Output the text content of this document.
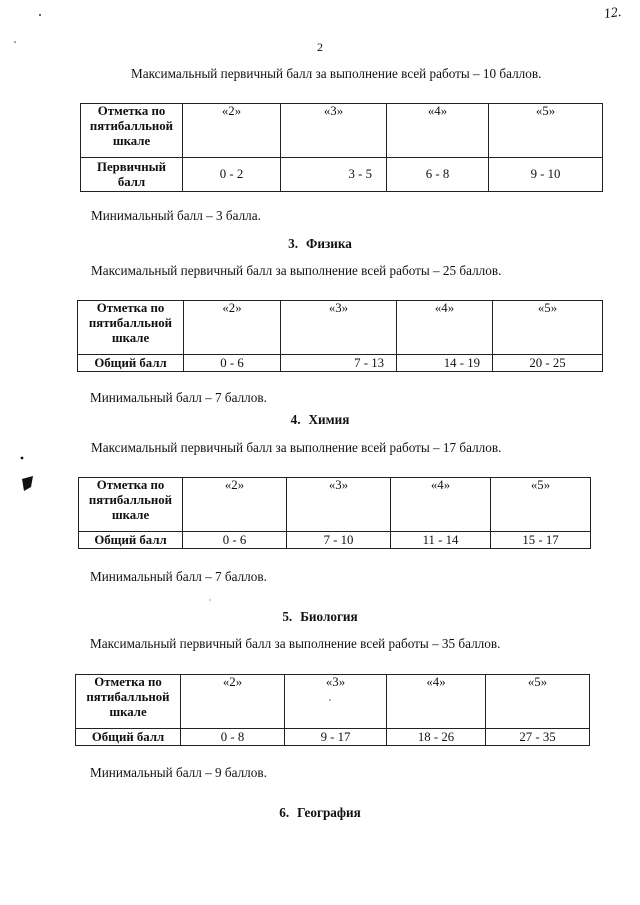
12.
2
Максимальный первичный балл за выполнение всей работы – 10 баллов.
Отметка по пятибалльной шкале	«2»	«3»	«4»	«5»
Первичный балл	0 - 2	3 - 5	6 - 8	9 - 10
Минимальный балл – 3 балла.
3. Физика
Максимальный первичный балл за выполнение всей работы – 25 баллов.
Отметка по пятибалльной шкале	«2»	«3»	«4»	«5»
Общий балл	0 - 6	7 - 13	14 - 19	20 - 25
Минимальный балл – 7 баллов.
4. Химия
Максимальный первичный балл за выполнение всей работы – 17 баллов.
Отметка по пятибалльной шкале	«2»	«3»	«4»	«5»
Общий балл	0 - 6	7 - 10	11 - 14	15 - 17
Минимальный балл – 7 баллов.
5. Биология
Максимальный первичный балл за выполнение всей работы – 35 баллов.
Отметка по пятибалльной шкале	«2»	«3»	«4»	«5»
Общий балл	0 - 8	9 - 17	18 - 26	27 - 35
Минимальный балл – 9 баллов.
6. География
